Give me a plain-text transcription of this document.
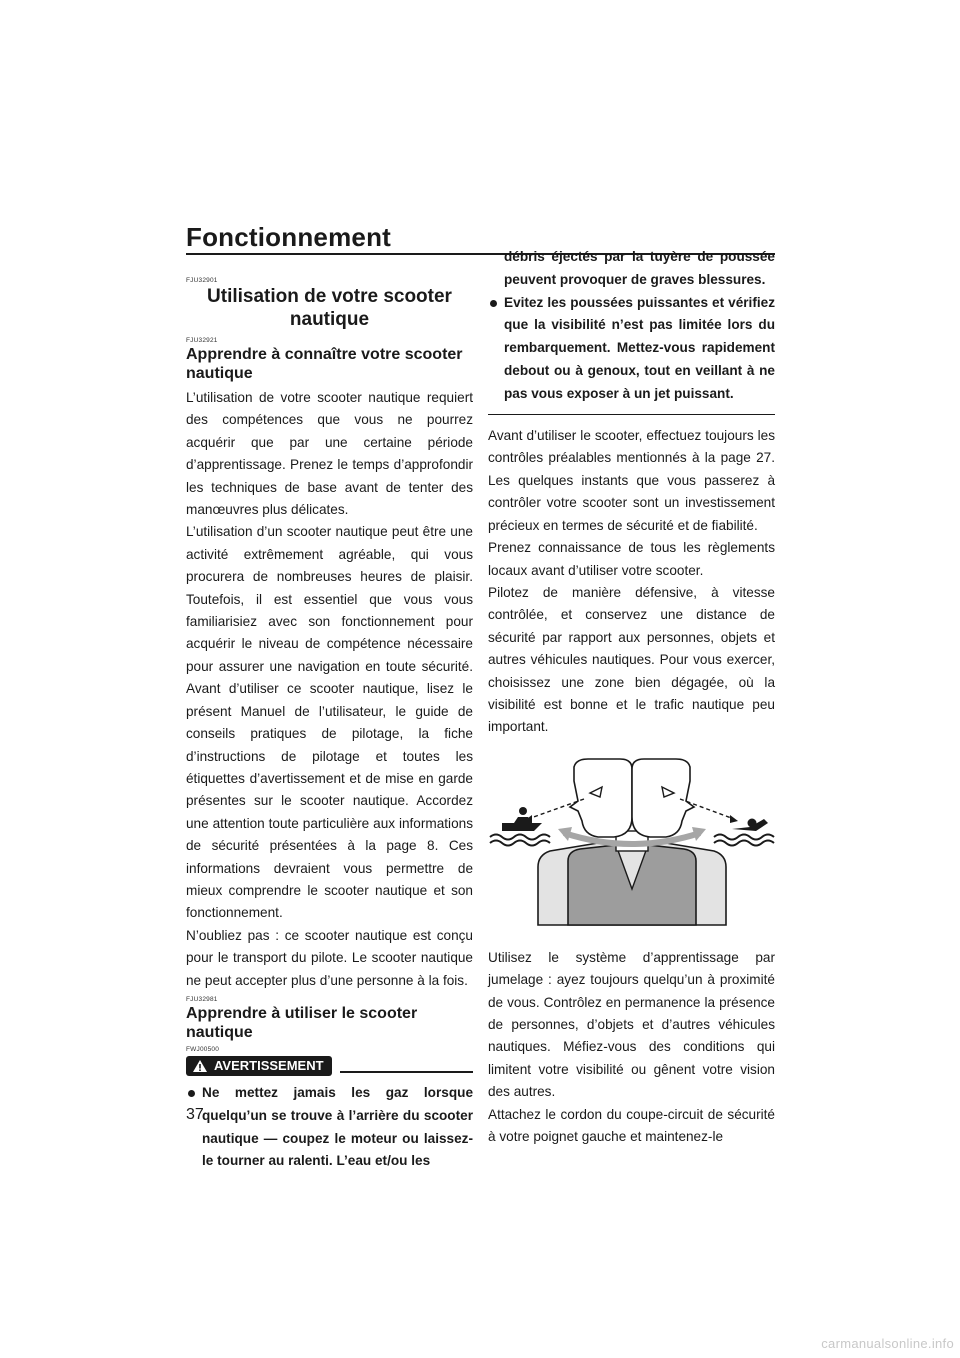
Fonctionnement
FJU32901
Utilisation de votre scooter
nautique
FJU32921
Apprendre à connaître votre scooter nautique

L’utilisation de votre scooter nautique requiert des compétences que vous ne pourrez acquérir que par une certaine période d’apprentissage. Prenez le temps d’approfondir les techniques de base avant de tenter des manœuvres plus délicates.

L’utilisation d’un scooter nautique peut être une activité extrêmement agréable, qui vous procurera de nombreuses heures de plaisir. Toutefois, il est essentiel que vous vous familiarisiez avec son fonctionnement pour acquérir le niveau de compétence nécessaire pour assurer une navigation en toute sécurité. Avant d’utiliser ce scooter nautique, lisez le présent Manuel de l’utilisateur, le guide de conseils pratiques de pilotage, la fiche d’instructions de pilotage et toutes les étiquettes d’avertissement et de mise en garde présentes sur le scooter nautique. Accordez une attention toute particulière aux informations de sécurité présentées à la page 8. Ces informations devraient vous permettre de mieux comprendre le scooter nautique et son fonctionnement.

N’oubliez pas : ce scooter nautique est conçu pour le transport du pilote. Le scooter nautique ne peut accepter plus d’une personne à la fois.

FJU32981
Apprendre à utiliser le scooter nautique
FWJ00500
AVERTISSEMENT
Ne mettez jamais les gaz lorsque quelqu’un se trouve à l’arrière du scooter nautique — coupez le moteur ou laissez-le tourner au ralenti. L’eau et/ou les
débris éjectés par la tuyère de poussée peuvent provoquer de graves blessures.
Evitez les poussées puissantes et vérifiez que la visibilité n’est pas limitée lors du rembarquement. Mettez-vous rapidement debout ou à genoux, tout en veillant à ne pas vous exposer à un jet puissant.

Avant d’utiliser le scooter, effectuez toujours les contrôles préalables mentionnés à la page 27. Les quelques instants que vous passerez à contrôler votre scooter sont un investissement précieux en termes de sécurité et de fiabilité.

Prenez connaissance de tous les règlements locaux avant d’utiliser votre scooter.

Pilotez de manière défensive, à vitesse contrôlée, et conservez une distance de sécurité par rapport aux personnes, objets et autres véhicules nautiques. Pour vous exercer, choisissez une zone bien dégagée, où la visibilité est bonne et le trafic nautique peu important.

Utilisez le système d’apprentissage par jumelage : ayez toujours quelqu’un à proximité de vous. Contrôlez en permanence la présence de personnes, d’objets et d’autres véhicules nautiques. Méfiez-vous des conditions qui limitent votre visibilité ou gênent votre vision des autres.

Attachez le cordon du coupe-circuit de sécurité à votre poignet gauche et maintenez-le

37
carmanualsonline.info
